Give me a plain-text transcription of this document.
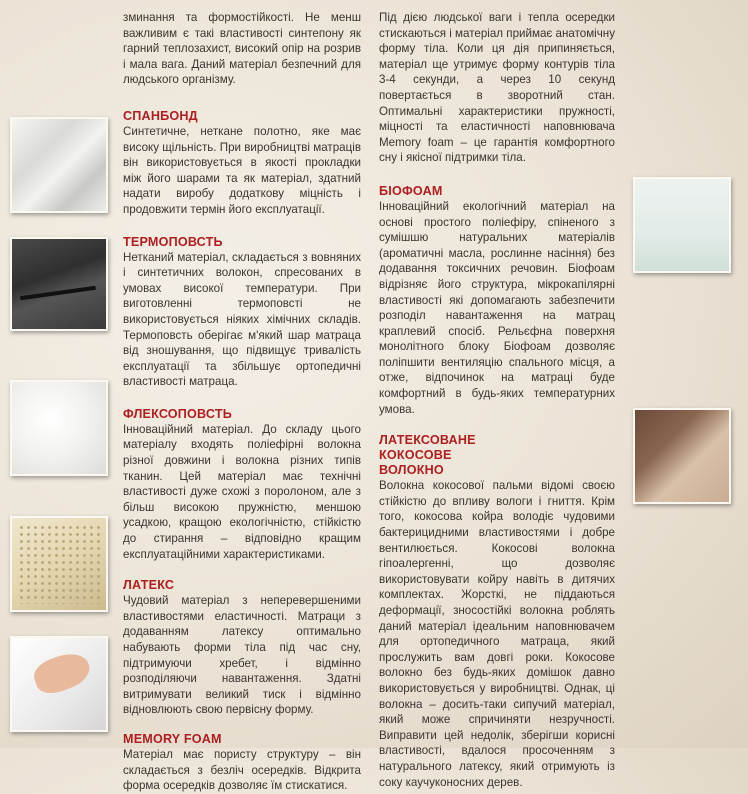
зминання та формостійкості. Не менш важливим є такі властивості синтепону як гарний теплозахист, високий опір на розрив і мала вага. Даний матеріал безпечний для людського організму.

СПАНБОНД

Синтетичне, нетканe полотно, яке має високу щільність. При виробництві матраців він використовується в якості прокладки між його шарами та як матеріал, здатний надати виробу додаткову міцність і продовжити термін його експлуатації.

ТЕРМОПОВСТЬ

Нетканий матеріал, складається з вовняних і синтетичних волокон, спресованих в умовах високої температури. При виготовленні термоповсті не використовується ніяких хімічних складів. Термоповсть оберігає м'який шар матраца від зношування, що підвищує тривалість експлуатації та збільшує ортопедичні властивості матраца.

ФЛЕКСОПОВСТЬ

Інноваційний матеріал. До складу цього матеріалу входять поліефірні волокна різної довжини і волокна різних типів тканин. Цей матеріал має технічні властивості дуже схожі з поролоном, але з більш високою пружністю, меншою усадкою, кращою екологічністю, стійкістю до стирання – відповідно кращим експлуатаційними характеристиками.

ЛАТЕКС

Чудовий матеріал з неперевершеними властивостями еластичності. Матраци з додаванням латексу оптимально набувають форми тіла під час сну, підтримуючи хребет, і відмінно розподіляючи навантаження. Здатні витримувати великий тиск і відмінно відновлюють свою первісну форму.

MEMORY FOAM

Матеріал має пористу структуру – він складається з безліч осередків. Відкрита форма осередків дозволяє їм стискатися.

Під дією людської ваги і тепла осередки стискаються і матеріал приймає анатомічну форму тіла. Коли ця дія припиняється, матеріал ще утримує форму контурів тіла 3-4 секунди, а через 10 секунд повертається в зворотний стан. Оптимальні характеристики пружності, міцності та еластичності наповнювача Memory foam – це гарантія комфортного сну і якісної підтримки тіла.

БІОФОАМ

Інноваційний екологічний матеріал на основі простого поліефіру, спіненого з сумішшю натуральних матеріалів (ароматичні масла, рослинне насіння) без додавання токсичних речовин. Біофоам відрізняє його структура, мікрокапілярні властивості які допомагають забезпечити розподіл навантаження на матрац краплевий спосіб. Рельєфна поверхня монолітного блоку Біофоам дозволяє поліпшити вентиляцію спального місця, а отже, відпочинок на матраці буде комфортний в будь-яких температурних умова.

ЛАТЕКСОВАНЕ КОКОСОВЕ ВОЛОКНО

Волокна кокосової пальми відомі своєю стійкістю до впливу вологи і гниття. Крім того, кокосова койра володіє чудовими бактерицидними властивостями і добре вентилюється. Кокосові волокна гіпоалергенні, що дозволяє використовувати койру навіть в дитячих комплектах. Жорсткі, не піддаються деформації, зносостійкі волокна роблять даний матеріал ідеальним наповнювачем для ортопедичного матраца, який прослужить вам довгі роки. Кокосове волокно без будь-яких домішок давно використовується у виробництві. Однак, ці волокна – досить-таки сипучий матеріал, який може спричиняти незручності. Виправити цей недолік, зберігши корисні властивості, вдалося просоченням з натурального латексу, який отримують із соку каучуконосних дерев.
